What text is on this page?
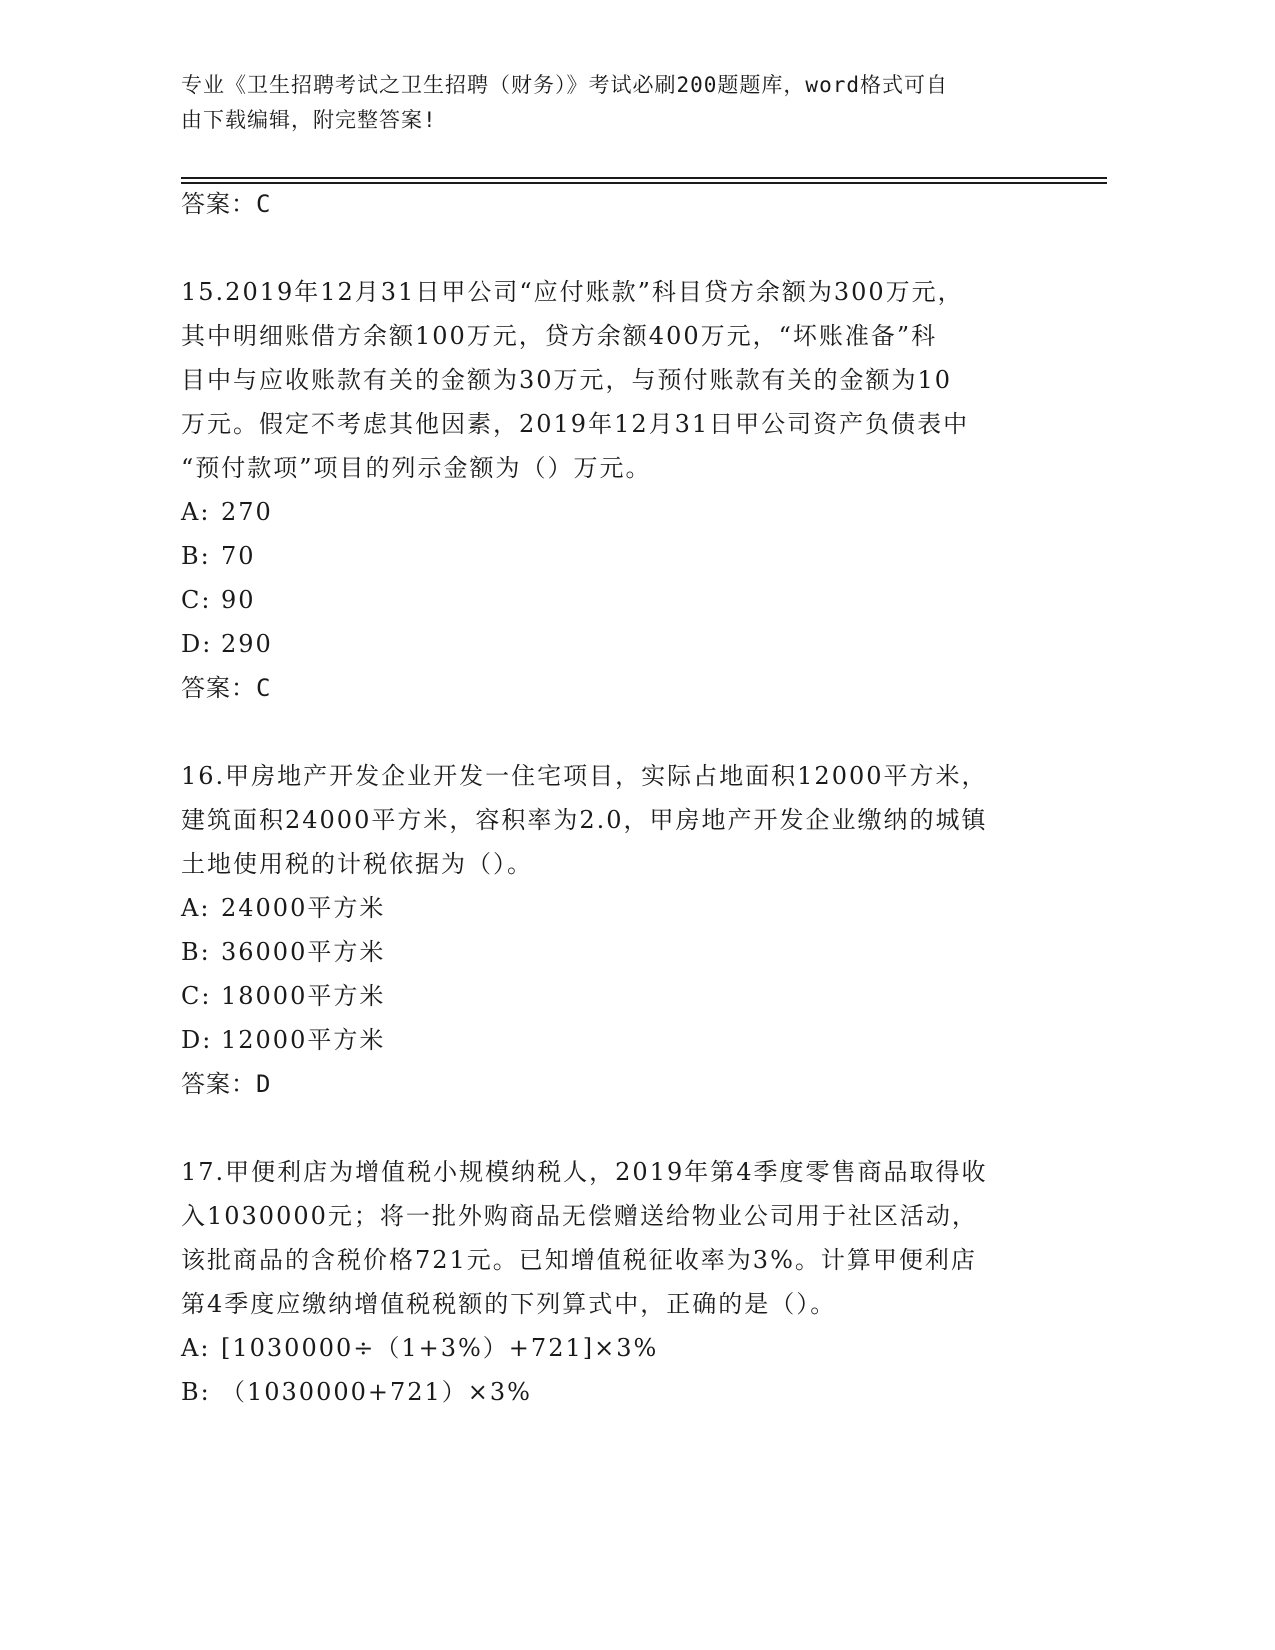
专业《卫生招聘考试之卫生招聘（财务）》考试必刷200题题库，word格式可自
由下载编辑，附完整答案!
答案：C
15.2019年12月31日甲公司“应付账款”科目贷方余额为300万元，
其中明细账借方余额100万元，贷方余额400万元，“坏账准备”科
目中与应收账款有关的金额为30万元，与预付账款有关的金额为10
万元。假定不考虑其他因素，2019年12月31日甲公司资产负债表中
“预付款项”项目的列示金额为（）万元。
A: 270
B: 70
C: 90
D: 290
答案：C
16.甲房地产开发企业开发一住宅项目，实际占地面积12000平方米，
建筑面积24000平方米，容积率为2.0，甲房地产开发企业缴纳的城镇
土地使用税的计税依据为（）。
A: 24000平方米
B: 36000平方米
C: 18000平方米
D: 12000平方米
答案：D
17.甲便利店为增值税小规模纳税人，2019年第4季度零售商品取得收
入1030000元；将一批外购商品无偿赠送给物业公司用于社区活动，
该批商品的含税价格721元。已知增值税征收率为3%。计算甲便利店
第4季度应缴纳增值税税额的下列算式中，正确的是（）。
A: [1030000÷（1+3%）+721]×3%
B: （1030000+721）×3%
